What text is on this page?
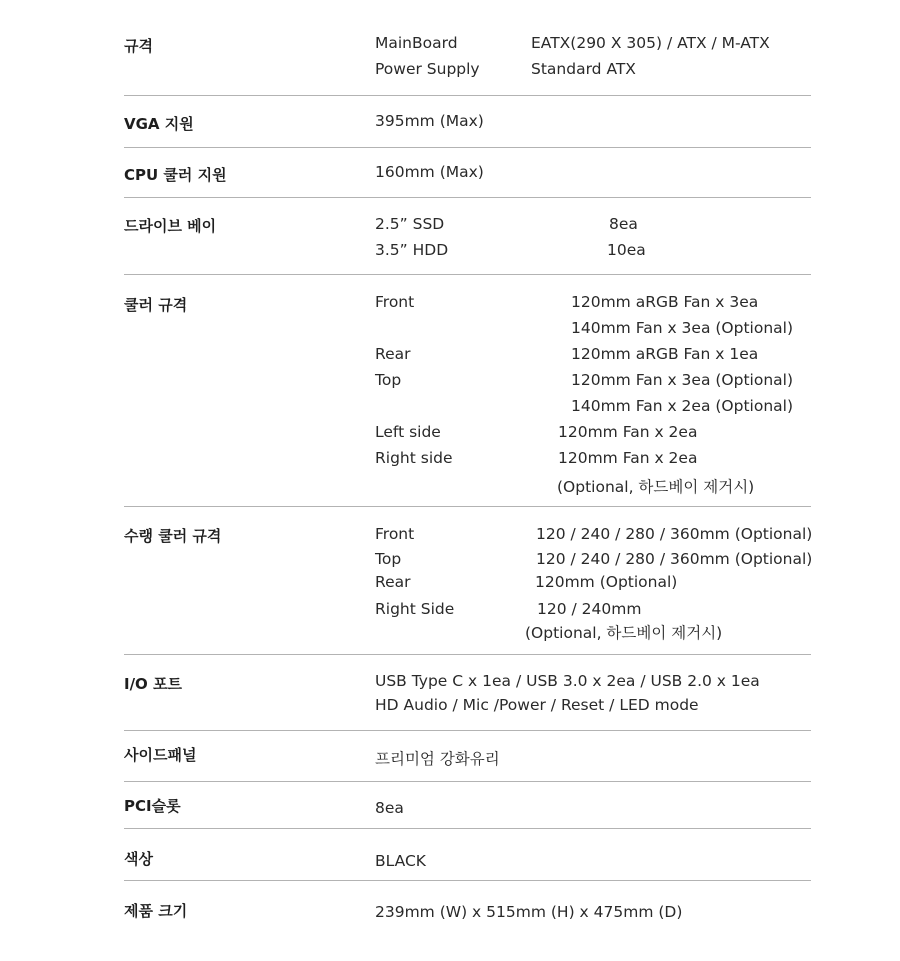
규격	MainBoard	EATX(290 X 305) / ATX / M-ATX
Power Supply	Standard ATX
VGA 지원	395mm (Max)
CPU 쿨러 지원	160mm (Max)
드라이브 베이	2.5” SSD	8ea
3.5” HDD	10ea
쿨러 규격	Front	120mm aRGB Fan x 3ea
140mm Fan x 3ea (Optional)
Rear	120mm aRGB Fan x 1ea
Top	120mm Fan x 3ea (Optional)
140mm Fan x 2ea (Optional)
Left side	120mm Fan x 2ea
Right side	120mm Fan x 2ea
(Optional, 하드베이 제거시)
수랭 쿨러 규격	Front	120 / 240 / 280 / 360mm (Optional)
Top	120 / 240 / 280 / 360mm (Optional)
Rear	120mm (Optional)
Right Side	120 / 240mm
(Optional, 하드베이 제거시)
I/O 포트	USB Type C x 1ea / USB 3.0 x 2ea / USB 2.0 x 1ea
HD Audio / Mic /Power / Reset / LED mode
사이드패널	프리미엄 강화유리
PCI슬롯	8ea
색상	BLACK
제품 크기	239mm (W) x 515mm (H) x 475mm (D)
